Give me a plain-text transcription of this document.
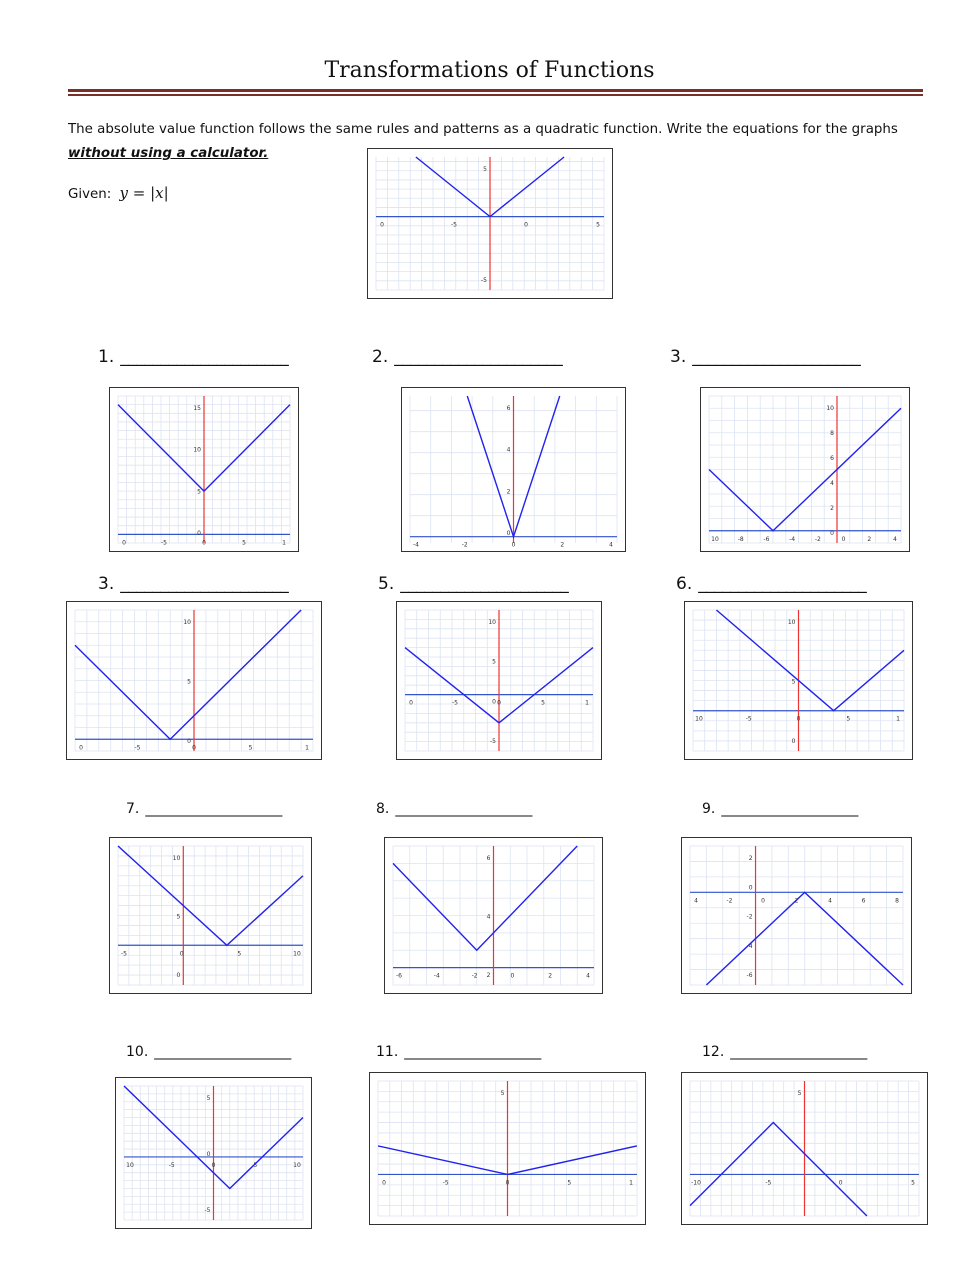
Transformations of Functions
The absolute value function follows the same rules and patterns as a quadratic function. Write the equations for the graphs without using a calculator.
Given: y = |x|
1. _____________________	2. _____________________	3. _____________________
3. _____________________	5. _____________________	6. _____________________
7. _____________________	8. _____________________	9. _____________________
10. _____________________	11. _____________________	12. _____________________
0	-5	0	5
5
-5
0	-5	0	5	1
15
10
5
0
-4	-2	0	2	4
6
4
2
0
10	-8	-6	-4	-2	0	2	4
10
8
6
4
2
0
0	-5	0	5	1
10
5
0
0	-5	0	5	1
10
5
0
-5
10	-5	0	5	1
10
5
0
-5	0	5	10
10
5
0	-6	-4	-2	0	2	4
6
4
2
4	-2	0	2	4	6	8
2
0
-2
-4
-6
10	-5	0	5	10
5
0
-5
0	-5	0	5	1
5
-10	-5	0	5
5
